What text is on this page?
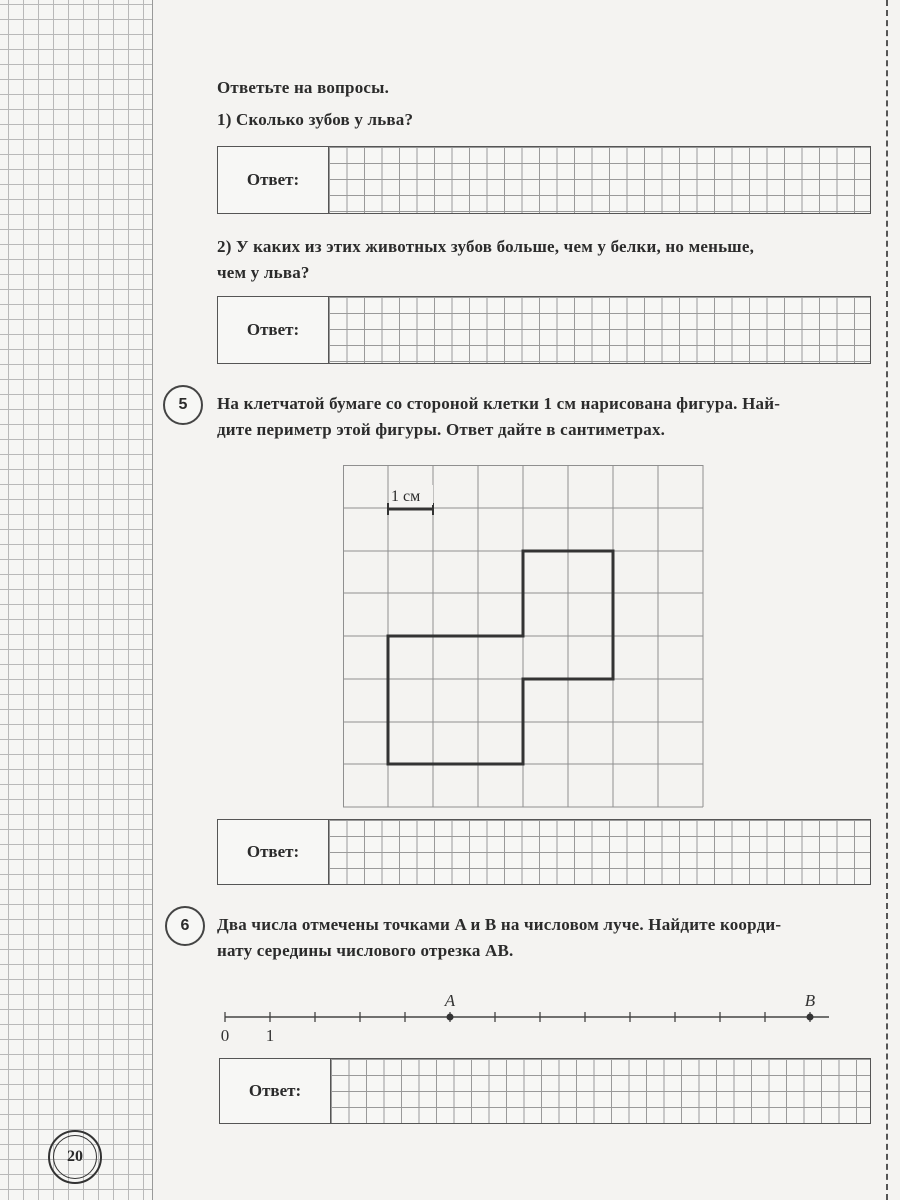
Ответьте на вопросы.
1) Сколько зубов у льва?
Ответ:
2) У каких из этих животных зубов больше, чем у белки, но меньше,
чем у льва?
Ответ:
5	На клетчатой бумаге со стороной клетки 1 см нарисована фигура. Най-
дите периметр этой фигуры. Ответ дайте в сантиметрах.
1 см
Ответ:
6	Два числа отмечены точками A и B на числовом луче. Найдите коорди-
нату середины числового отрезка AB.
A	B
0 1
Ответ:
20
